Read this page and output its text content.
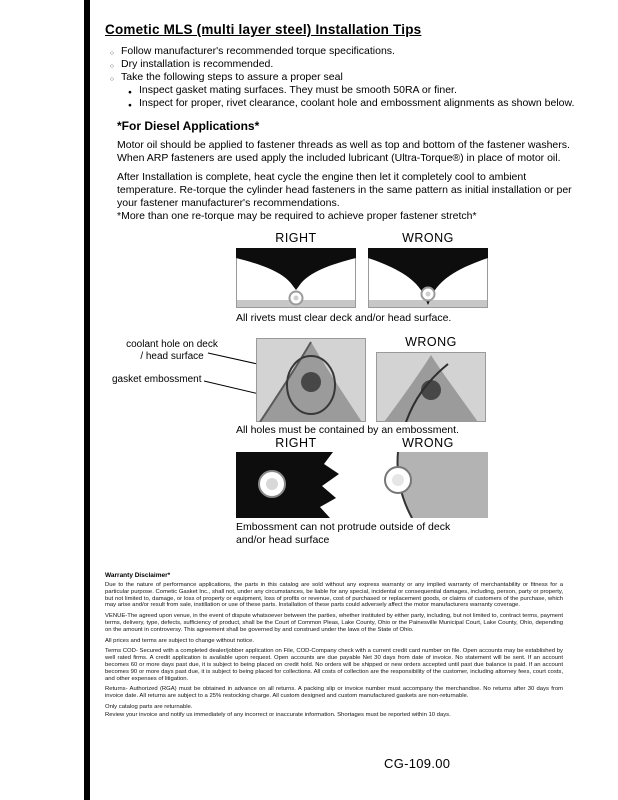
Cometic MLS (multi layer steel) Installation Tips
○ Follow manufacturer's recommended torque specifications.
○ Dry installation is recommended.
○ Take the following steps to assure a proper seal
● Inspect gasket mating surfaces. They must be smooth 50RA or finer.
● Inspect for proper, rivet clearance, coolant hole and embossment alignments as shown below.
*For Diesel Applications*
Motor oil should be applied to fastener threads as well as top and bottom of the fastener washers. When ARP fasteners are used apply the included lubricant (Ultra-Torque®) in place of motor oil.
After Installation is complete, heat cycle the engine then let it completely cool to ambient temperature. Re-torque the cylinder head fasteners in the same pattern as initial installation or per your fastener manufacturer's recommendations.
*More than one re-torque may be required to achieve proper fastener stretch*
RIGHT	WRONG
All rivets must clear deck and/or head surface.
coolant hole on deck / head surface
gasket embossment
WRONG
All holes must be contained by an embossment.
RIGHT	WRONG
Embossment can not protrude outside of deck and/or head surface
Warranty Disclaimer*

Due to the nature of performance applications, the parts in this catalog are sold without any express warranty or any implied warranty of merchantability or fitness for a particular purpose. Cometic Gasket Inc., shall not, under any circumstances, be liable for any special, incidental or consequential damages, including, person, party or property, but not limited to, damage, or loss of property or equipment, loss of profits or revenue, cost of purchased or replacement goods, or claims of customers of the purchase, which may arise and/or result from sale, instillation or use of these parts. Installation of these parts could adversely affect the motor manufacturers warranty coverage.

VENUE-The agreed upon venue, in the event of dispute whatsoever between the parties, whether instituted by either party, including, but not limited to, contract terms, payment terms, delivery, type, defects, sufficiency of product, shall be the Court of Common Pleas, Lake County, Ohio or the Painesville Municipal Court, Lake County, Ohio, depending on the amount in controversy. This agreement shall be governed by and construed under the laws of the State of Ohio.

All prices and terms are subject to change without notice.

Terms COD- Secured with a completed dealer/jobber application on File, COD-Company check with a current credit card number on file. Open accounts may be established by well rated firms. A credit application is available upon request. Open accounts are due payable Net 30 days from date of invoice. No statement will be sent. If an account becomes 60 or more days past due, it is subject to being placed on credit hold. No orders will be shipped or new orders accepted until past due balance is paid. If an account becomes 90 or more days past due, it is subject to being placed for collections. All costs of collection are the responsibility of the customer, including attorney fees, court costs, and other expenses of litigation.

Returns- Authorized (RGA) must be obtained in advance on all returns. A packing slip or invoice number must accompany the merchandise. No returns after 30 days from invoice date. All returns are subject to a 25% restocking charge. All custom designed and custom manufactured gaskets are non-returnable.

Only catalog parts are returnable.

Review your invoice and notify us immediately of any incorrect or inaccurate information. Shortages must be reported within 10 days.

CG-109.00
